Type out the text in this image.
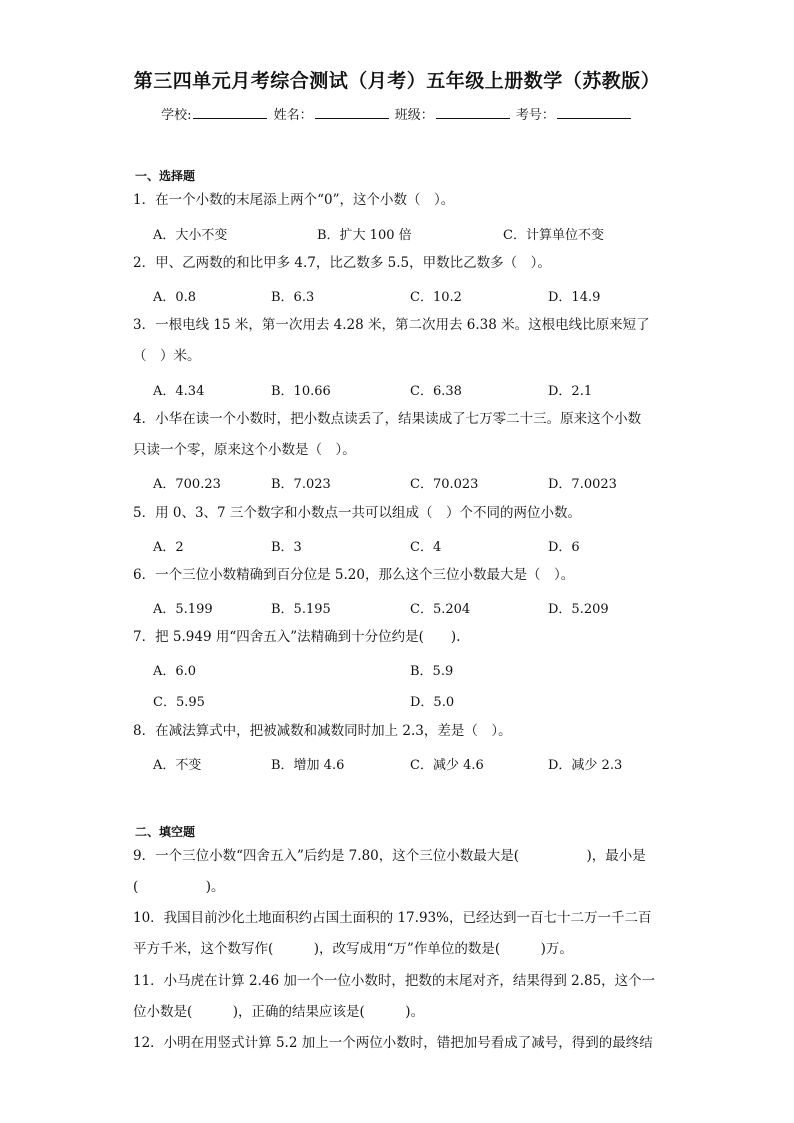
第三四单元月考综合测试（月考）五年级上册数学（苏教版）
学校:	姓名：	班级：	考号：
一、选择题
1．在一个小数的末尾添上两个“0”，这个小数（　）。
A．大小不变	B．扩大 100 倍	C．计算单位不变
2．甲、乙两数的和比甲多 4.7，比乙数多 5.5，甲数比乙数多（　）。
A．0.8	B．6.3	C．10.2	D．14.9
3．一根电线 15 米，第一次用去 4.28 米，第二次用去 6.38 米。这根电线比原来短了
（　）米。
A．4.34	B．10.66	C．6.38	D．2.1
4．小华在读一个小数时，把小数点读丢了，结果读成了七万零二十三。原来这个小数
只读一个零，原来这个小数是（　）。
A．700.23	B．7.023	C．70.023	D．7.0023
5．用 0、3、7 三个数字和小数点一共可以组成（　）个不同的两位小数。
A．2	B．3	C．4	D．6
6．一个三位小数精确到百分位是 5.20，那么这个三位小数最大是（　）。
A．5.199	B．5.195	C．5.204	D．5.209
7．把 5.949 用“四舍五入”法精确到十分位约是(　　).
A．6.0	B．5.9
C．5.95	D．5.0
8．在减法算式中，把被减数和减数同时加上 2.3，差是（　）。
A．不变	B．增加 4.6	C．减少 4.6	D．减少 2.3
二、填空题
9．一个三位小数“四舍五入”后约是 7.80，这个三位小数最大是(　　　　　)，最小是
(　　　　　)。
10．我国目前沙化土地面积约占国土面积的 17.93%，已经达到一百七十二万一千二百
平方千米，这个数写作(　　　)，改写成用“万”作单位的数是(　　　)万。
11．小马虎在计算 2.46 加一个一位小数时，把数的末尾对齐，结果得到 2.85，这个一
位小数是(　　　)，正确的结果应该是(　　　)。
12．小明在用竖式计算 5.2 加上一个两位小数时，错把加号看成了减号，得到的最终结
